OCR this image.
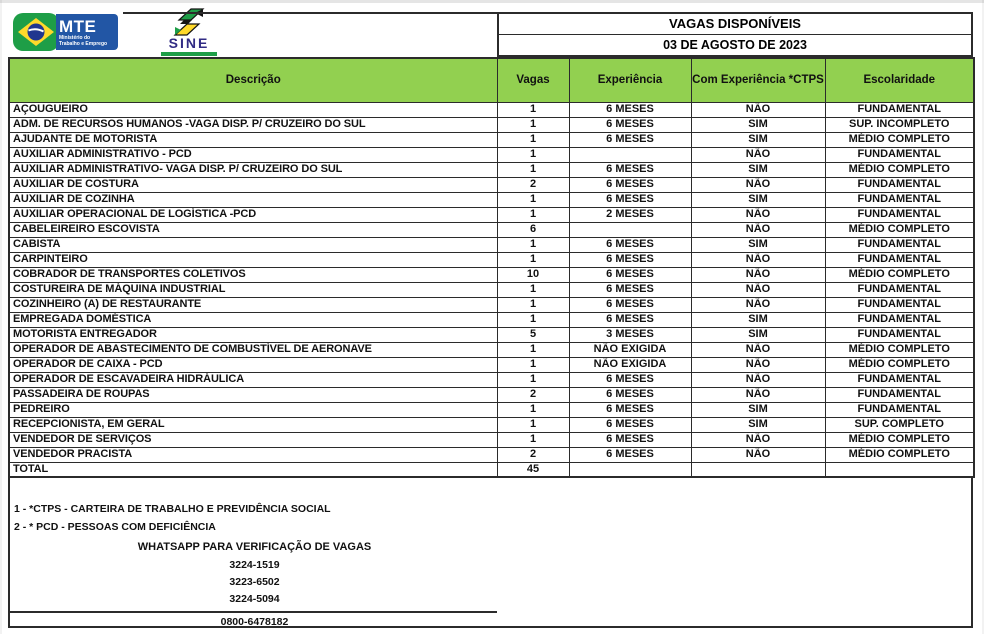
MTE
Ministério do
Trabalho e Emprego	SINE
VAGAS DISPONÍVEIS
03 DE AGOSTO DE 2023
Descrição	Vagas	Experiência	Com Experiência *CTPS	Escolaridade
AÇOUGUEIRO	1	6 MESES	NÃO	FUNDAMENTAL
ADM. DE RECURSOS HUMANOS -VAGA DISP. P/ CRUZEIRO DO SUL	1	6 MESES	SIM	SUP. INCOMPLETO
AJUDANTE DE MOTORISTA	1	6 MESES	SIM	MÉDIO COMPLETO
AUXILIAR ADMINISTRATIVO - PCD	1		NÃO	FUNDAMENTAL
AUXILIAR ADMINISTRATIVO- VAGA DISP. P/ CRUZEIRO DO SUL	1	6 MESES	SIM	MÉDIO COMPLETO
AUXILIAR DE COSTURA	2	6 MESES	NÃO	FUNDAMENTAL
AUXILIAR DE COZINHA	1	6 MESES	SIM	FUNDAMENTAL
AUXILIAR OPERACIONAL DE LOGÍSTICA -PCD	1	2 MESES	NÃO	FUNDAMENTAL
CABELEIREIRO ESCOVISTA	6		NÃO	MÉDIO COMPLETO
CABISTA	1	6 MESES	SIM	FUNDAMENTAL
CARPINTEIRO	1	6 MESES	NÃO	FUNDAMENTAL
COBRADOR DE TRANSPORTES COLETIVOS	10	6 MESES	NÃO	MÉDIO COMPLETO
COSTUREIRA DE MÁQUINA INDUSTRIAL	1	6 MESES	NÃO	FUNDAMENTAL
COZINHEIRO (A) DE RESTAURANTE	1	6 MESES	NÃO	FUNDAMENTAL
EMPREGADA DOMÉSTICA	1	6 MESES	SIM	FUNDAMENTAL
MOTORISTA ENTREGADOR	5	3 MESES	SIM	FUNDAMENTAL
OPERADOR DE ABASTECIMENTO DE COMBUSTÍVEL DE AERONAVE	1	NÃO EXIGIDA	NÃO	MÉDIO COMPLETO
OPERADOR DE CAIXA - PCD	1	NÃO EXIGIDA	NÃO	MÉDIO COMPLETO
OPERADOR DE ESCAVADEIRA HIDRÁULICA	1	6 MESES	NÃO	FUNDAMENTAL
PASSADEIRA DE ROUPAS	2	6 MESES	NÃO	FUNDAMENTAL
PEDREIRO	1	6 MESES	SIM	FUNDAMENTAL
RECEPCIONISTA, EM GERAL	1	6 MESES	SIM	SUP. COMPLETO
VENDEDOR DE SERVIÇOS	1	6 MESES	NÃO	MÉDIO COMPLETO
VENDEDOR PRACISTA	2	6 MESES	NÃO	MÉDIO COMPLETO
TOTAL	45			
1 - *CTPS - CARTEIRA DE TRABALHO E PREVIDÊNCIA SOCIAL
2 - * PCD - PESSOAS COM DEFICIÊNCIA
WHATSAPP PARA VERIFICAÇÃO DE VAGAS
3224-1519
3223-6502
3224-5094
0800-6478182
